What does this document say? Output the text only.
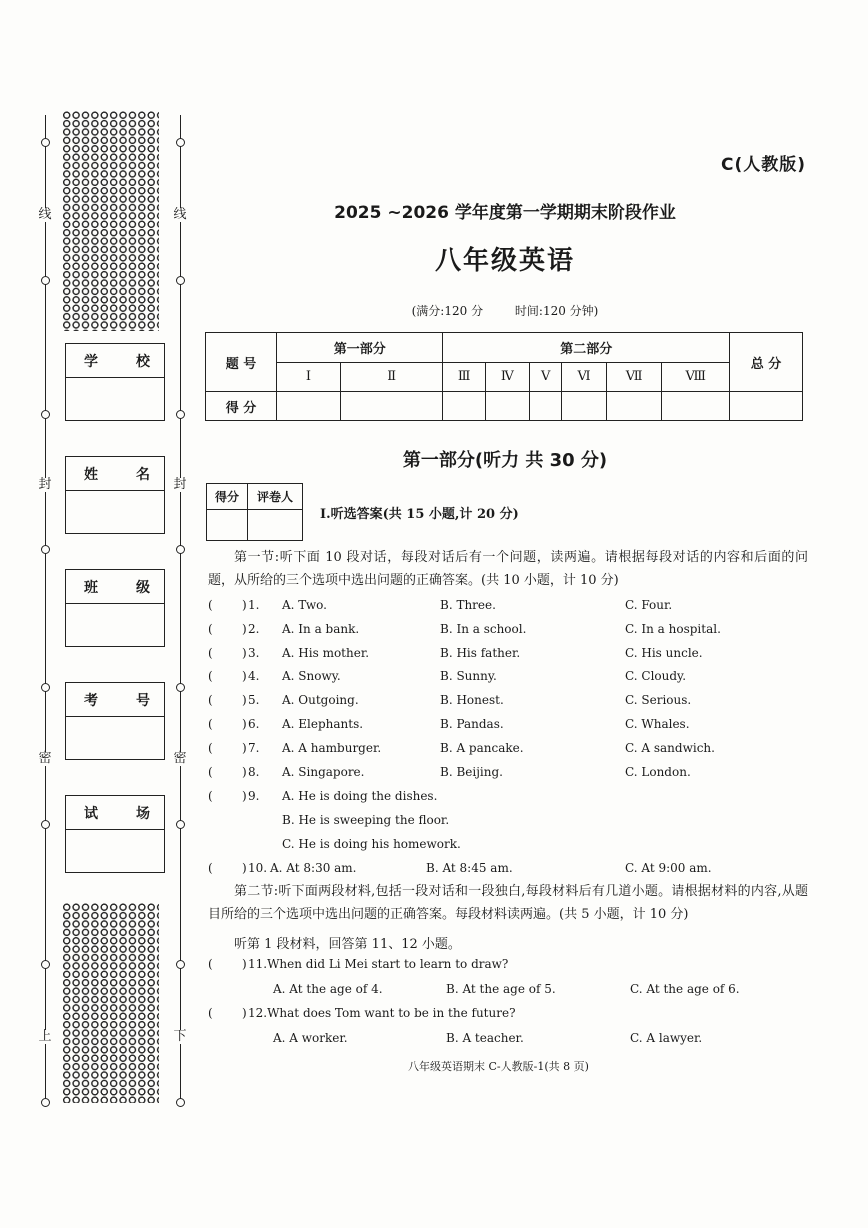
线
封
密
上
线
封
密
下
学	校
姓	名
班	级
考	号
试	场
C(人教版)
2025 ~2026 学年度第一学期期末阶段作业
八年级英语
(满分:120 分	时间:120 分钟)
题 号	第一部分		第二部分						总 分
	Ⅰ	Ⅱ	Ⅲ	Ⅳ	Ⅴ	Ⅵ	Ⅶ	Ⅷ	
得 分									
第一部分(听力 共 30 分)
得分	评卷人

Ⅰ.听选答案(共 15 小题,计 20 分)

第一节:听下面 10 段对话，每段对话后有一个问题，读两遍。请根据每段对话的内容和后面的问题，从所给的三个选项中选出问题的正确答案。(共 10 小题，计 10 分)

( ) 1. A. Two.	B. Three.	C. Four.
( ) 2. A. In a bank.	B. In a school.	C. In a hospital.
( ) 3. A. His mother.	B. His father.	C. His uncle.
( ) 4. A. Snowy.	B. Sunny.	C. Cloudy.
( ) 5. A. Outgoing.	B. Honest.	C. Serious.
( ) 6. A. Elephants.	B. Pandas.	C. Whales.
( ) 7. A. A hamburger.	B. A pancake.	C. A sandwich.
( ) 8. A. Singapore.	B. Beijing.	C. London.
( ) 9. A. He is doing the dishes.
B. He is sweeping the floor.
C. He is doing his homework.
( ) 10. A. At 8:30 am.	B. At 8:45 am.	C. At 9:00 am.

第二节:听下面两段材料,包括一段对话和一段独白,每段材料后有几道小题。请根据材料的内容,从题目所给的三个选项中选出问题的正确答案。每段材料读两遍。(共 5 小题，计 10 分)

听第 1 段材料，回答第 11、12 小题。
( ) 11.When did Li Mei start to learn to draw?
A. At the age of 4.	B. At the age of 5.	C. At the age of 6.
( ) 12.What does Tom want to be in the future?
A. A worker.	B. A teacher.	C. A lawyer.
八年级英语期末 C-人教版-1(共 8 页)
